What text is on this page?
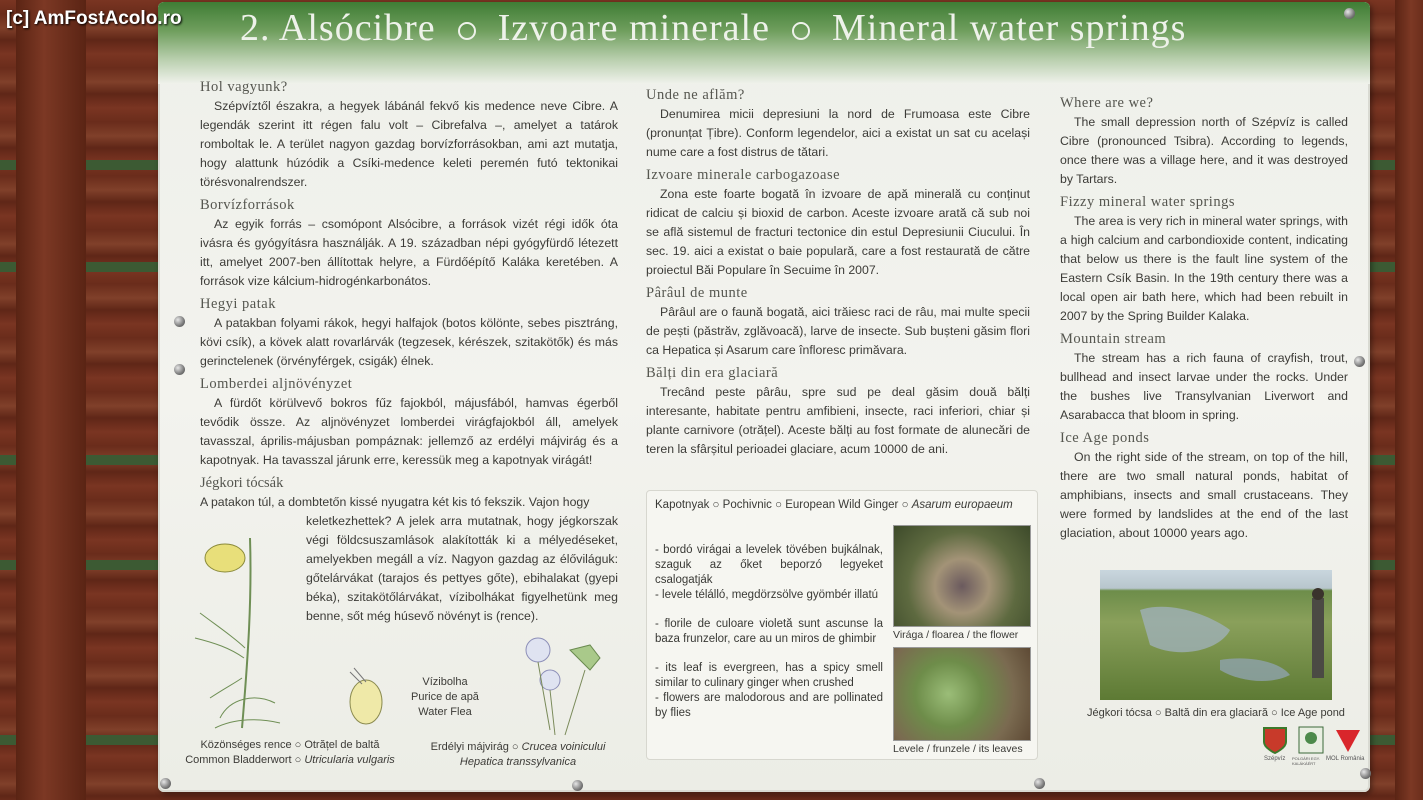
[c] AmFostAcolo.ro 2. Alsócibre Izvoare minerale Mineral water springs
Hol vagyunk?

Szépvíztől északra, a hegyek lábánál fekvő kis medence neve Cibre. A legendák szerint itt régen falu volt – Cibrefalva –, amelyet a tatárok romboltak le. A terület nagyon gazdag borvízforrásokban, ami azt mutatja, hogy alattunk húzódik a Csíki-medence keleti peremén futó tektonikai törésvonalrendszer.

Borvízforrások

Az egyik forrás – csomópont Alsócibre, a források vizét régi idők óta ivásra és gyógyításra használják. A 19. században népi gyógyfürdő létezett itt, amelyet 2007-ben állítottak helyre, a Fürdőépítő Kaláka keretében. A források vize kálcium-hidrogénkarbonátos.

Hegyi patak

A patakban folyami rákok, hegyi halfajok (botos kölönte, sebes pisztráng, kövi csík), a kövek alatt rovarlárvák (tegzesek, kérészek, szitakötők) és más gerinctelenek (örvényférgek, csigák) élnek.

Lomberdei aljnövényzet

A fürdőt körülvevő bokros fűz fajokból, májusfából, hamvas égerből tevődik össze. Az aljnövényzet lomberdei virágfajokból áll, amelyek tavasszal, április-májusban pompáznak: jellemző az erdélyi májvirág és a kapotnyak. Ha tavasszal járunk erre, keressük meg a kapotnyak virágát!

Jégkori tócsák
A patakon túl, a dombtetőn kissé nyugatra két kis tó fekszik. Vajon hogy
keletkezhettek? A jelek arra mutatnak, hogy jégkorszak végi földcsuszamlások alakították ki a mélyedéseket, amelyekben megáll a víz. Nagyon gazdag az élőviláguk: gőtelárvákat (tarajos és pettyes gőte), ebihalakat (gyepi béka), szitakötőlárvákat, vízibolhákat figyelhetünk meg benne, sőt még húsevő növényt is (rence).
Vízibolha
Purice de apă
Water Flea
Közönséges rence ○ Otrățel de baltă
Common Bladderwort ○ Utricularia vulgaris
Erdélyi májvirág ○ Crucea voinicului
Hepatica transsylvanica
Unde ne aflăm?

Denumirea micii depresiuni la nord de Frumoasa este Cibre (pronunțat Țibre). Conform legendelor, aici a existat un sat cu același nume care a fost distrus de tătari.

Izvoare minerale carbogazoase

Zona este foarte bogată în izvoare de apă minerală cu conținut ridicat de calciu și bioxid de carbon. Aceste izvoare arată că sub noi se află sistemul de fracturi tectonice din estul Depresiunii Ciucului. În sec. 19. aici a existat o baie populară, care a fost restaurată de către proiectul Băi Populare în Secuime în 2007.

Pârâul de munte

Pârâul are o faună bogată, aici trăiesc raci de râu, mai multe specii de pești (păstrăv, zglăvoacă), larve de insecte. Sub bușteni găsim flori ca Hepatica și Asarum care înfloresc primăvara.

Bălți din era glaciară

Trecând peste pârâu, spre sud pe deal găsim două bălți interesante, habitate pentru amfibieni, insecte, raci inferiori, chiar și plante carnivore (otrățel). Aceste bălți au fost formate de alunecări de teren la sfârșitul perioadei glaciare, acum 10000 de ani.

Kapotnyak ○ Pochivnic ○ European Wild Ginger ○ Asarum europaeum
- bordó virágai a levelek tövében bujkálnak, szaguk az őket beporzó legyeket csalogatják
- levele télálló, megdörzsölve gyömbér illatú
- florile de culoare violetă sunt ascunse la baza frunzelor, care au un miros de ghimbir
- its leaf is evergreen, has a spicy smell similar to culinary ginger when crushed
- flowers are malodorous and are pollinated by flies
Virága / floarea / the flower
Levele / frunzele / its leaves
Where are we?

The small depression north of Szépvíz is called Cibre (pronounced Tsibra). According to legends, once there was a village here, and it was destroyed by Tartars.

Fizzy mineral water springs

The area is very rich in mineral water springs, with a high calcium and carbondioxide content, indicating that below us there is the fault line system of the Eastern Csík Basin. In the 19th century there was a local open air bath here, which had been rebuilt in 2007 by the Spring Builder Kalaka.

Mountain stream

The stream has a rich fauna of crayfish, trout, bullhead and insect larvae under the rocks. Under the bushes live Transylvanian Liverwort and Asarabacca that bloom in spring.

Ice Age ponds

On the right side of the stream, on top of the hill, there are two small natural ponds, habitat of amphibians, insects and small crustaceans. They were formed by landslides at the end of the last glaciation, about 10000 years ago.

Jégkori tócsa ○ Baltă din era glaciară ○ Ice Age pond

Szépvíz POLGÁRI EGY. KALÁKÁÉRT
MOL România
